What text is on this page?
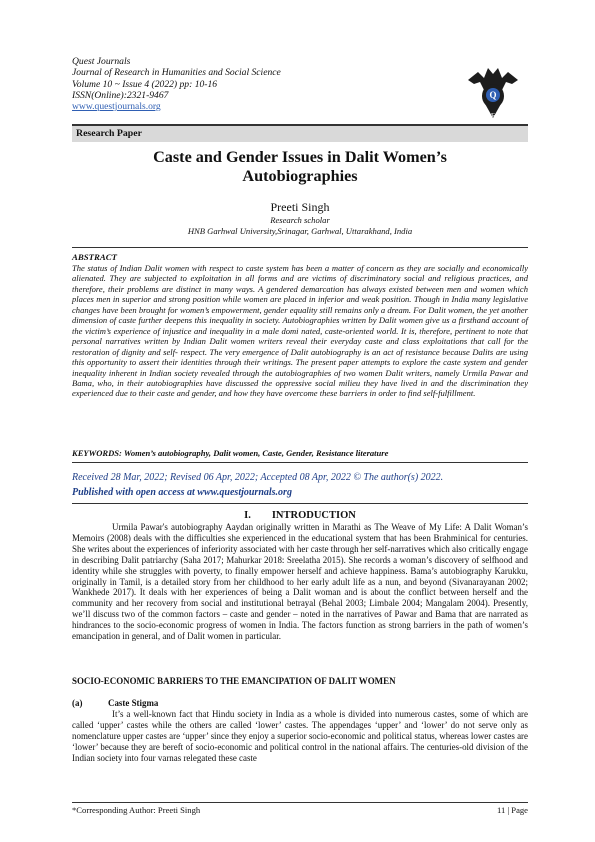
Quest Journals
Journal of Research in Humanities and Social Science
Volume 10 ~ Issue 4 (2022) pp: 10-16
ISSN(Online):2321-9467
www.questjournals.org
Q
QUEST
Research Paper
Caste and Gender Issues in Dalit Women’s
Autobiographies
Preeti Singh
Research scholar
HNB Garhwal University,Srinagar, Garhwal, Uttarakhand, India
ABSTRACT
The status of Indian Dalit women with respect to caste system has been a matter of concern as they are socially and economically alienated. They are subjected to exploitation in all forms and are victims of discriminatory social and religious practices, and therefore, their problems are distinct in many ways. A gendered demarcation has always existed between men and women which places men in superior and strong position while women are placed in inferior and weak position. Though in India many legislative changes have been brought for women’s empowerment, gender equality still remains only a dream. For Dalit women, the yet another dimension of caste further deepens this inequality in society. Autobiographies written by Dalit women give us a firsthand account of the victim’s experience of injustice and inequality in a male domi nated, caste-oriented world. It is, therefore, pertinent to note that personal narratives written by Indian Dalit women writers reveal their everyday caste and class exploitations that call for the restoration of dignity and self- respect. The very emergence of Dalit autobiography is an act of resistance because Dalits are using this opportunity to assert their identities through their writings. The present paper attempts to explore the caste system and gender inequality inherent in Indian society revealed through the autobiographies of two women Dalit writers, namely Urmila Pawar and Bama, who, in their autobiographies have discussed the oppressive social milieu they have lived in and the discrimination they experienced due to their caste and gender, and how they have overcome these barriers in order to find self-fulfillment.
KEYWORDS: Women’s autobiography, Dalit women, Caste, Gender, Resistance literature
Received 28 Mar, 2022; Revised 06 Apr, 2022; Accepted 08 Apr, 2022 © The author(s) 2022.
Published with open access at www.questjournals.org
I.  INTRODUCTION
Urmila Pawar's autobiography Aaydan originally written in Marathi as The Weave of My Life: A Dalit Woman’s Memoirs (2008) deals with the difficulties she experienced in the educational system that has been Brahminical for centuries. She writes about the experiences of inferiority associated with her caste through her self-narratives which also critically engage in describing Dalit patriarchy (Saha 2017; Mahurkar 2018: Sreelatha 2015). She records a woman’s discovery of selfhood and identity while she struggles with poverty, to finally empower herself and achieve happiness. Bama’s autobiography Karukku, originally in Tamil, is a detailed story from her childhood to her early adult life as a nun, and beyond (Sivanarayanan 2002; Wankhede 2017). It deals with her experiences of being a Dalit woman and is about the conflict between herself and the community and her recovery from social and institutional betrayal (Behal 2003; Limbale 2004; Mangalam 2004). Presently, we’ll discuss two of the common factors – caste and gender – noted in the narratives of Pawar and Bama that are narrated as hindrances to the socio-economic progress of women in India. The factors function as strong barriers in the path of women’s emancipation in general, and of Dalit women in particular.
SOCIO-ECONOMIC BARRIERS TO THE EMANCIPATION OF DALIT WOMEN
(a)	Caste Stigma
It’s a well-known fact that Hindu society in India as a whole is divided into numerous castes, some of which are called ‘upper’ castes while the others are called ‘lower’ castes. The appendages ‘upper’ and ‘lower’ do not serve only as nomenclature upper castes are ‘upper’ since they enjoy a superior socio-economic and political status, whereas lower castes are ‘lower’ because they are bereft of socio-economic and political control in the national affairs. The centuries-old division of the Indian society into four varnas relegated these caste
*Corresponding Author: Preeti Singh	11 | Page
